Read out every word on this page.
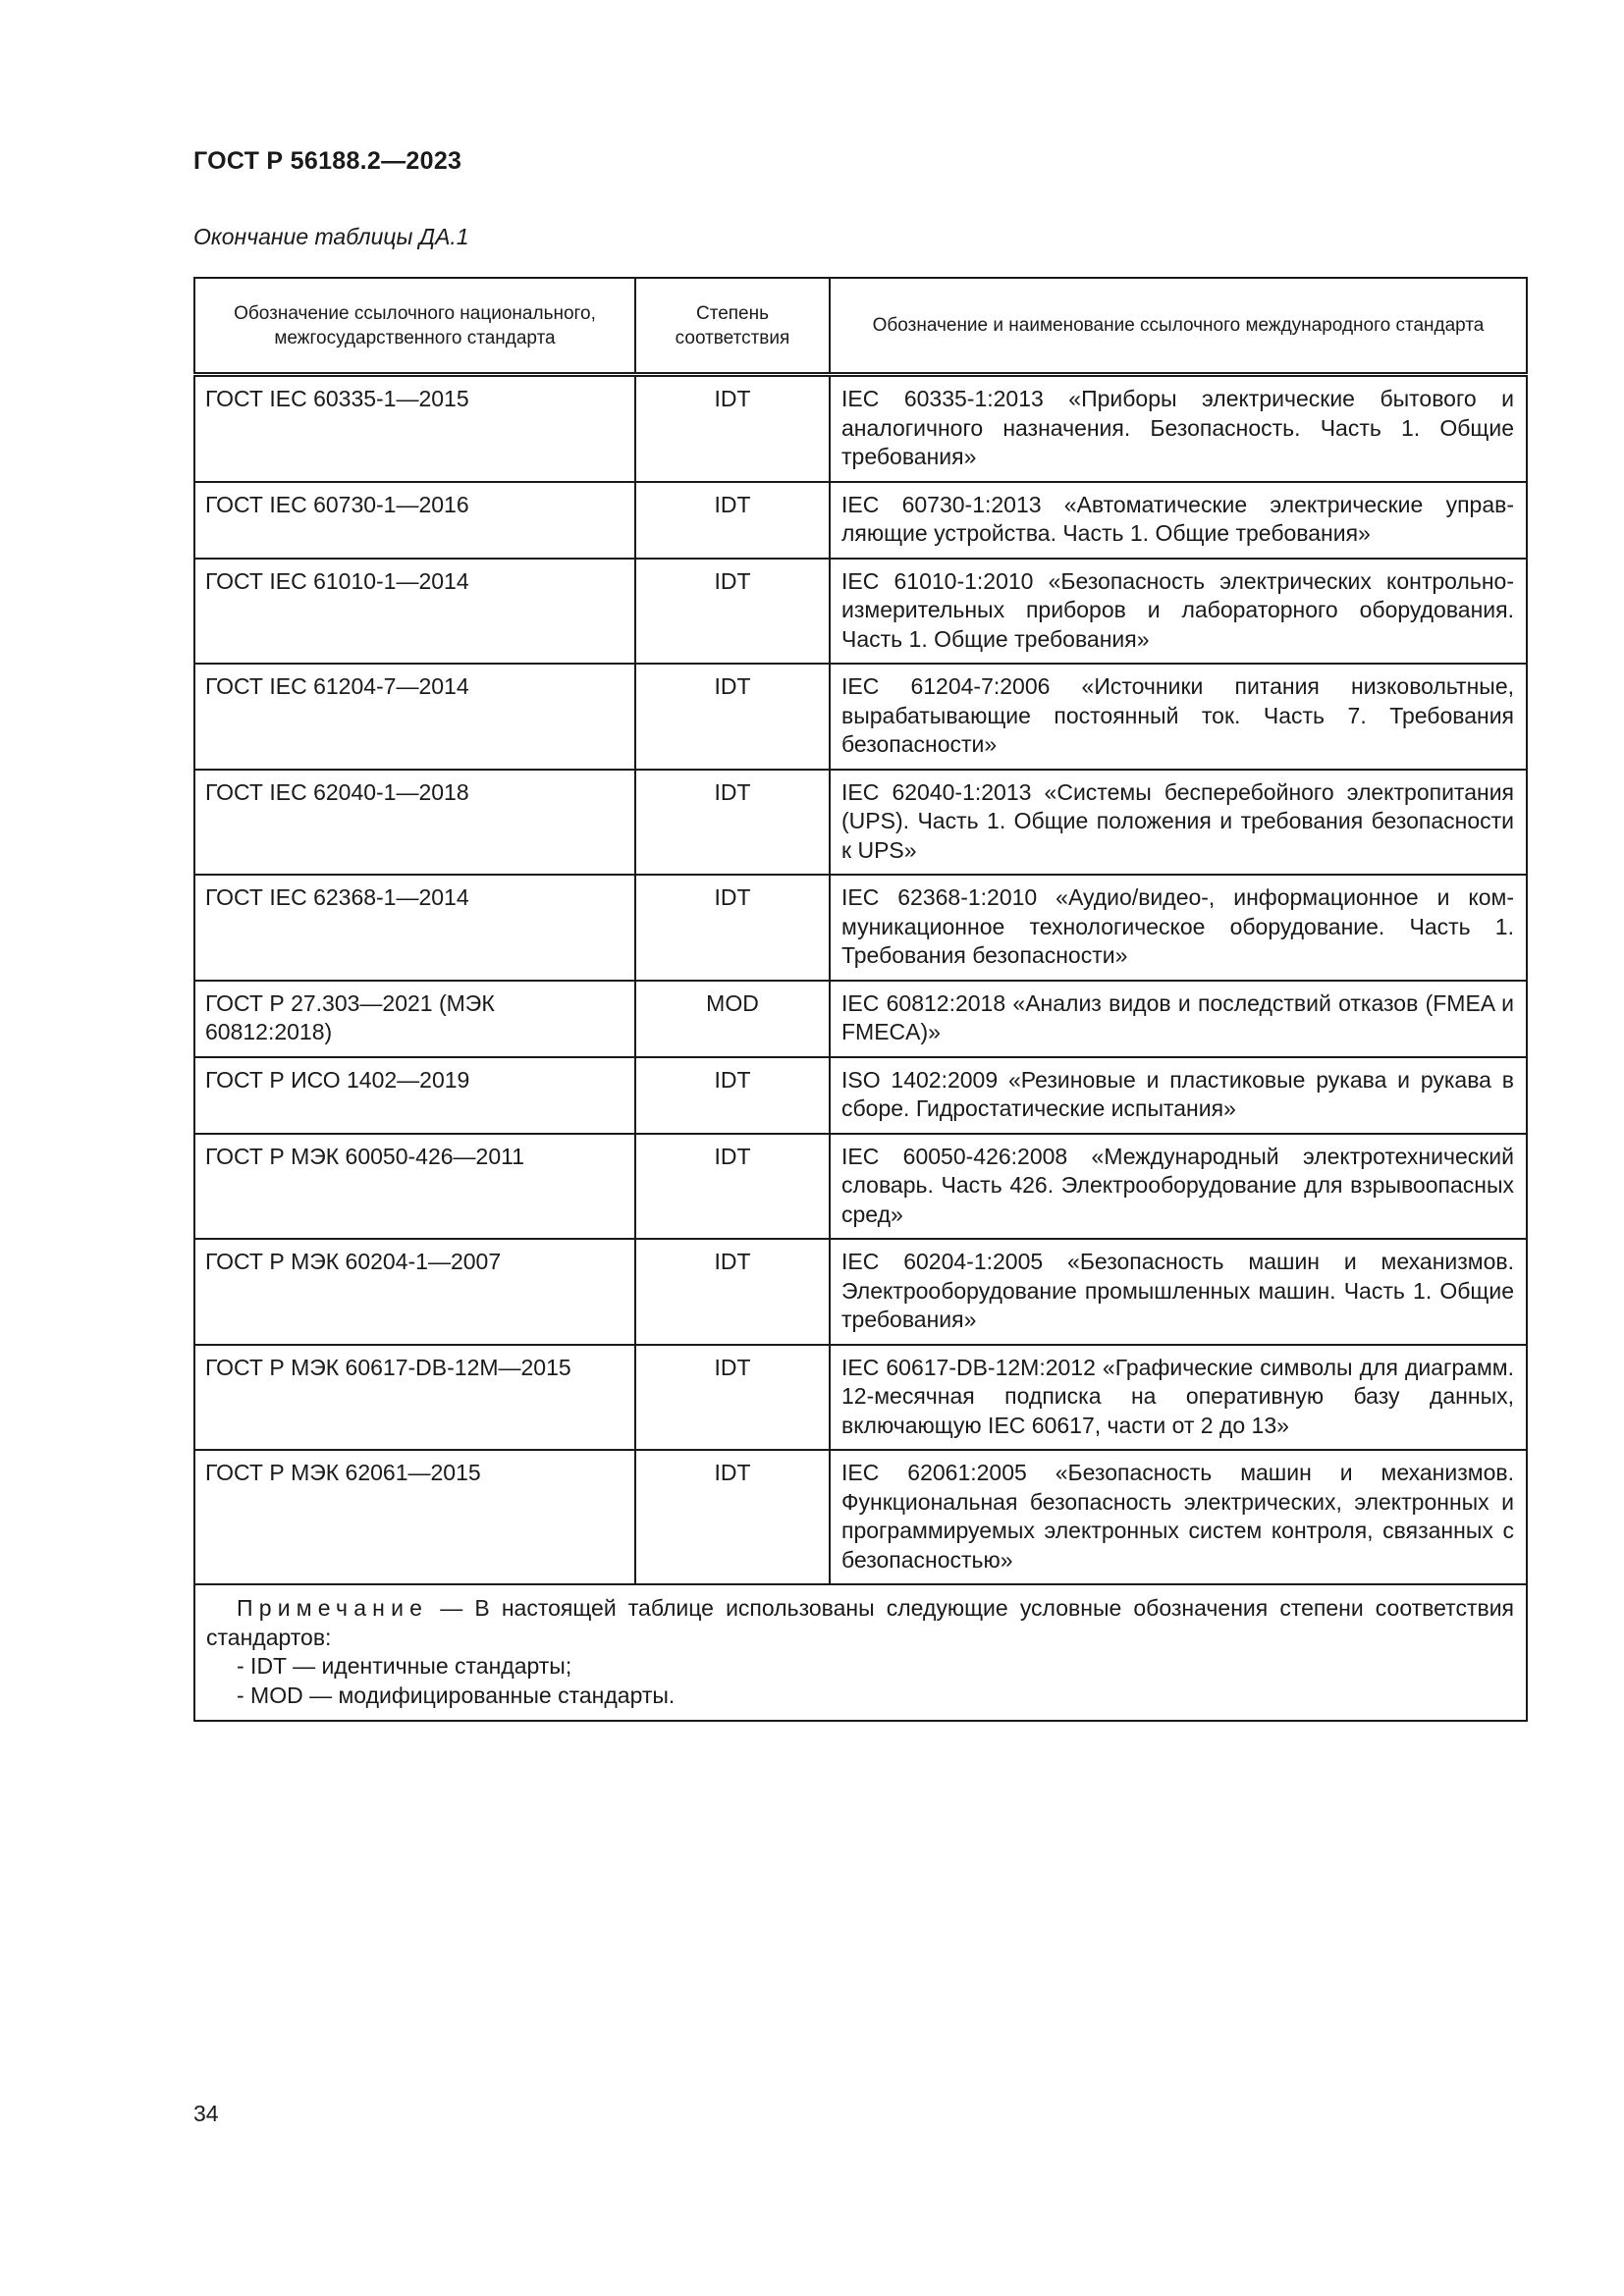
ГОСТ Р 56188.2—2023
Окончание таблицы ДА.1
Обозначение ссылочного национального, межгосударственного стандарта	Степень соответствия	Обозначение и наименование ссылочного международного стандарта
ГОСТ IEC 60335-1—2015	IDT	IEC 60335-1:2013 «Приборы электрические бытового и аналогичного назначения. Безопасность. Часть 1. Общие требования»
ГОСТ IEC 60730-1—2016	IDT	IEC 60730-1:2013 «Автоматические электрические управляющие устройства. Часть 1. Общие требования»
ГОСТ IEC 61010-1—2014	IDT	IEC 61010-1:2010 «Безопасность электрических контрольно-измерительных приборов и лабораторного оборудования. Часть 1. Общие требования»
ГОСТ IEC 61204-7—2014	IDT	IEC 61204-7:2006 «Источники питания низковольтные, вырабатывающие постоянный ток. Часть 7. Требования безопасности»
ГОСТ IEC 62040-1—2018	IDT	IEC 62040-1:2013 «Системы бесперебойного электропитания (UPS). Часть 1. Общие положения и требования безопасности к UPS»
ГОСТ IEC 62368-1—2014	IDT	IEC 62368-1:2010 «Аудио/видео-, информационное и коммуникационное технологическое оборудование. Часть 1. Требования безопасности»
ГОСТ Р 27.303—2021 (МЭК 60812:2018)	MOD	IEC 60812:2018 «Анализ видов и последствий отказов (FMEA и FMECA)»
ГОСТ Р ИСО 1402—2019	IDT	ISO 1402:2009 «Резиновые и пластиковые рукава и рукава в сборе. Гидростатические испытания»
ГОСТ Р МЭК 60050-426—2011	IDT	IEC 60050-426:2008 «Международный электротехнический словарь. Часть 426. Электрооборудование для взрывоопасных сред»
ГОСТ Р МЭК 60204-1—2007	IDT	IEC 60204-1:2005 «Безопасность машин и механизмов. Электрооборудование промышленных машин. Часть 1. Общие требования»
ГОСТ Р МЭК 60617-DB-12M—2015	IDT	IEC 60617-DB-12M:2012 «Графические символы для диаграмм. 12-месячная подписка на оперативную базу данных, включающую IEC 60617, части от 2 до 13»
ГОСТ Р МЭК 62061—2015	IDT	IEC 62061:2005 «Безопасность машин и механизмов. Функциональная безопасность электрических, электронных и программируемых электронных систем контроля, связанных с безопасностью»

Примечание — В настоящей таблице использованы следующие условные обозначения степени соответствия стандартов:
- IDT — идентичные стандарты;
- MOD — модифицированные стандарты.		
34
